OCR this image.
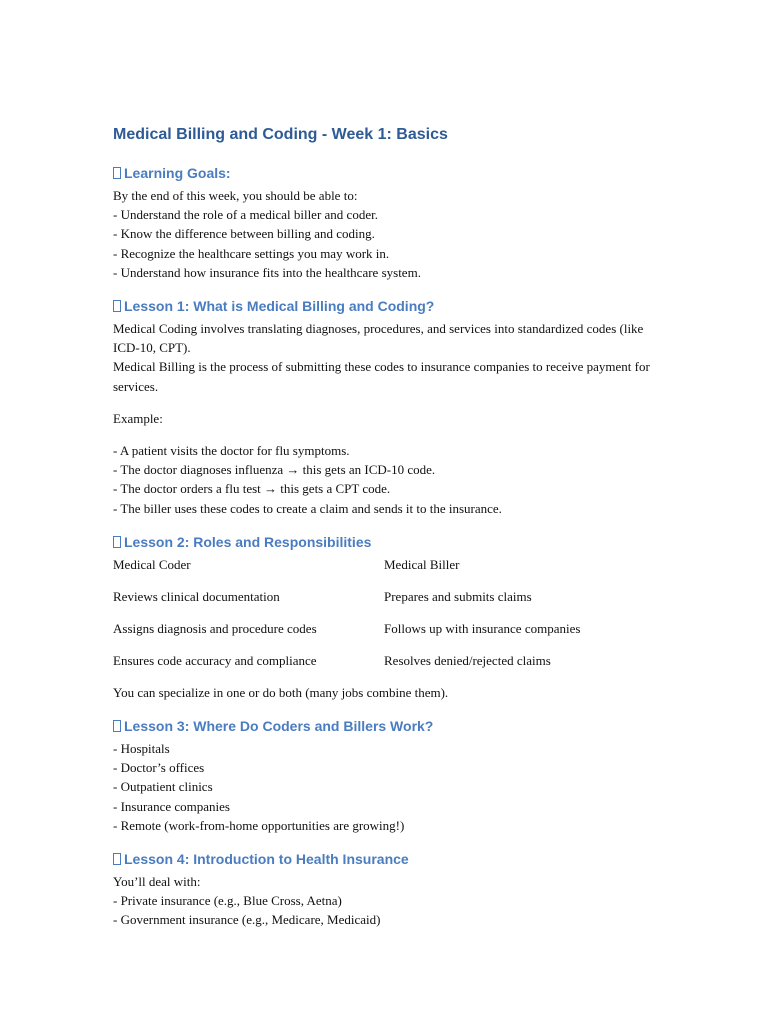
Medical Billing and Coding - Week 1: Basics
Learning Goals:

By the end of this week, you should be able to:

- Understand the role of a medical biller and coder.

- Know the difference between billing and coding.

- Recognize the healthcare settings you may work in.

- Understand how insurance fits into the healthcare system.

Lesson 1: What is Medical Billing and Coding?

Medical Coding involves translating diagnoses, procedures, and services into standardized codes (like ICD-10, CPT).

Medical Billing is the process of submitting these codes to insurance companies to receive payment for services.

Example:

- A patient visits the doctor for flu symptoms.

- The doctor diagnoses influenza → this gets an ICD-10 code.

- The doctor orders a flu test → this gets a CPT code.

- The biller uses these codes to create a claim and sends it to the insurance.

Lesson 2: Roles and Responsibilities
Medical Coder	Medical Biller
Reviews clinical documentation	Prepares and submits claims
Assigns diagnosis and procedure codes	Follows up with insurance companies
Ensures code accuracy and compliance	Resolves denied/rejected claims

You can specialize in one or do both (many jobs combine them).

Lesson 3: Where Do Coders and Billers Work?

- Hospitals

- Doctor’s offices

- Outpatient clinics

- Insurance companies

- Remote (work-from-home opportunities are growing!)

Lesson 4: Introduction to Health Insurance

You’ll deal with:

- Private insurance (e.g., Blue Cross, Aetna)

- Government insurance (e.g., Medicare, Medicaid)
